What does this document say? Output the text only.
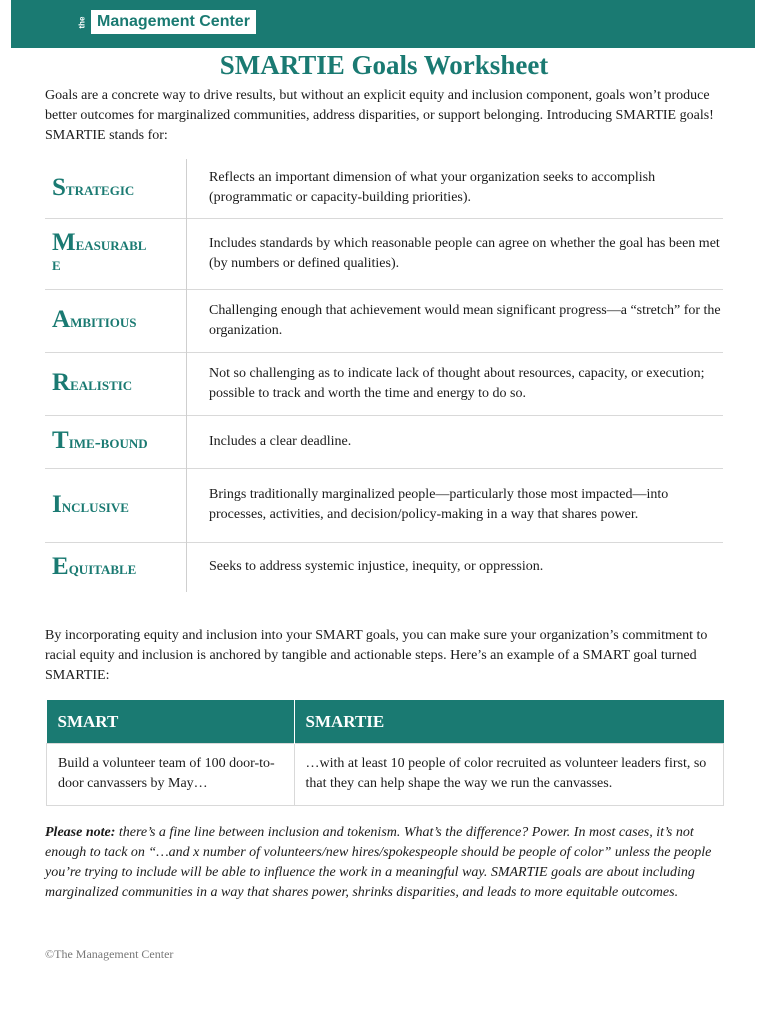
the Management Center
SMARTIE Goals Worksheet
Goals are a concrete way to drive results, but without an explicit equity and inclusion component, goals won’t produce better outcomes for marginalized communities, address disparities, or support belonging. Introducing SMARTIE goals! SMARTIE stands for:
Strategic	Reflects an important dimension of what your organization seeks to accomplish (programmatic or capacity-building priorities).
Measurabl
e	Includes standards by which reasonable people can agree on whether the goal has been met (by numbers or defined qualities).
Ambitious	Challenging enough that achievement would mean significant progress—a “stretch” for the organization.
Realistic	Not so challenging as to indicate lack of thought about resources, capacity, or execution; possible to track and worth the time and energy to do so.
Time-bound	Includes a clear deadline.
Inclusive	Brings traditionally marginalized people—particularly those most impacted—into processes, activities, and decision/policy-making in a way that shares power.
Equitable	Seeks to address systemic injustice, inequity, or oppression.
By incorporating equity and inclusion into your SMART goals, you can make sure your organization’s commitment to racial equity and inclusion is anchored by tangible and actionable steps. Here’s an example of a SMART goal turned SMARTIE:
SMART	SMARTIE
Build a volunteer team of 100 door-to-door canvassers by May…	…with at least 10 people of color recruited as volunteer leaders first, so that they can help shape the way we run the canvasses.
Please note: there’s a fine line between inclusion and tokenism. What’s the difference? Power. In most cases, it’s not enough to tack on “…and x number of volunteers/new hires/spokespeople should be people of color” unless the people you’re trying to include will be able to influence the work in a meaningful way. SMARTIE goals are about including marginalized communities in a way that shares power, shrinks disparities, and leads to more equitable outcomes.
©The Management Center
